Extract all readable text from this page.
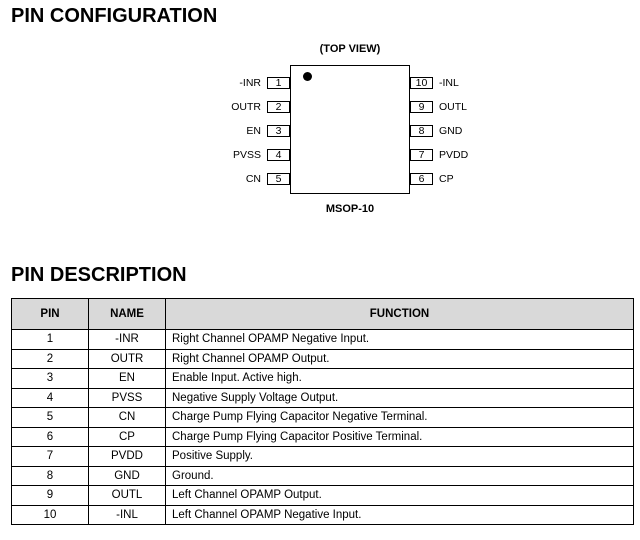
PIN CONFIGURATION
(TOP VIEW)
MSOP-10
-INR	1
OUTR	2
EN	3
PVSS	4
CN	5
10	-INL
9	OUTL
8	GND
7	PVDD
6	CP
PIN DESCRIPTION
PIN	NAME	FUNCTION
1	-INR	Right Channel OPAMP Negative Input.
2	OUTR	Right Channel OPAMP Output.
3	EN	Enable Input. Active high.
4	PVSS	Negative Supply Voltage Output.
5	CN	Charge Pump Flying Capacitor Negative Terminal.
6	CP	Charge Pump Flying Capacitor Positive Terminal.
7	PVDD	Positive Supply.
8	GND	Ground.
9	OUTL	Left Channel OPAMP Output.
10	-INL	Left Channel OPAMP Negative Input.
